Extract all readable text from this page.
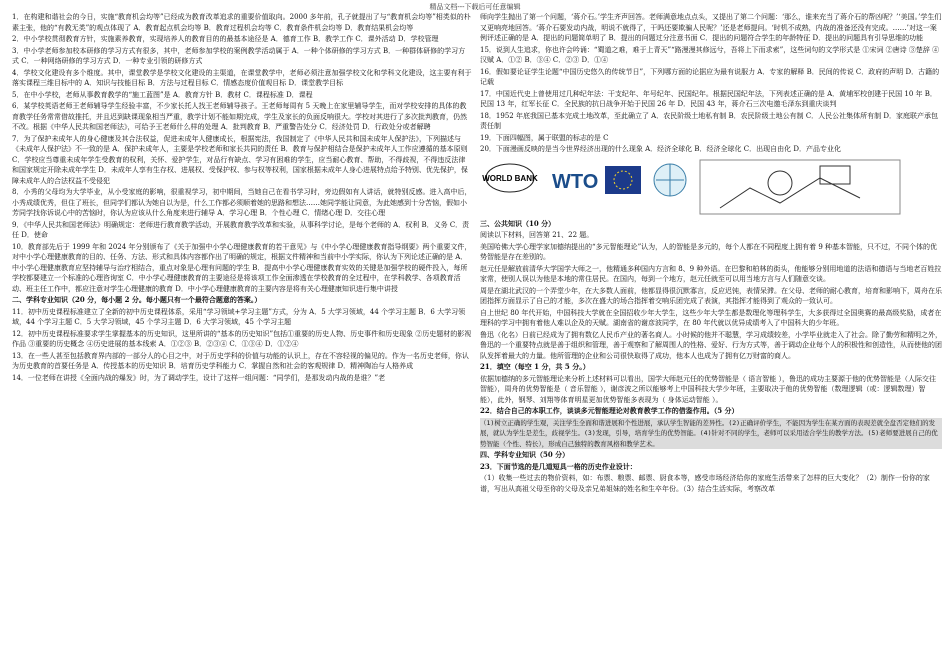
精品文档---下载后可任意编辑

1．在构建和谐社会的今日，实施“教育机会均等”已经成为教育改革追求的重要价值取向。2000 多年前，孔子就提出了与“教育机会均等”相类似的朴素主张，他的“有教无类”的观点体现了 A．教育起点机会均等 B．教育过程机会均等 C．教育条件机会均等 D．教育结果机会均等

2．中小学校贯彻教育方针，实施素养教育，实现培养人的教育目的的最基本途径是 A．德育工作 B．教学工作 C．课外活动 D．学校管理

3．中小学老师参加校本研修的学习方式有很多，其中，老师参加学校的案例教学活动属于 A．一种个体研修的学习方式 B．一种群体研修的学习方式 C．一种网络研修的学习方式 D．一种专业引领的研修方式

4．学校文化建设有多个维度。其中，课堂教学是学校文化建设的主渠道，在课堂教学中，老师必须注意加强学校文化和学科文化建设，这主要有利于落实课程三维目标中的 A．知识与技能目标 B．方法与过程目标 C．情感态度价值观目标 D．课堂教学目标

5．在中小学校，老师从事教育教学的“施工蓝图”是 A．教育方针 B．教材 C．课程标准 D．课程

6．某学校英语老师王老师辅导学生经验丰富，不少家长托人找王老师辅导孩子。王老师每周有 5 天晚上在家里辅导学生，而对学校安排的具体的教育教学任务常常借故推托，并且迟到缺课现象相当严重，教学计划不能如期完成，学生及家长的负面反响很大。学校对其进行了多次批判教育，仍然不改。根据《中华人民共和国老师法》，可给予王老师什么样的处理 A．批判教育 B．严重警告处分 C．经济处罚 D．行政处分或者解聘

7．为了保护未成年人的身心健康及其合法权益，促进未成年人健康成长，根据宪法，我国制定了《中华人民共和国未成年人保护法》，下列描述与《未成年人保护法》不一致的是 A．保护未成年人，主要是学校老师和家长共同的责任 B．教育与保护相结合是保护未成年人工作应遵循的基本原则 C．学校应当尊重未成年学生受教育的权利，关怀、爱护学生，对品行有缺点、学习有困难的学生，应当耐心教育、帮助，不得歧视，不得违反法律和国家规定开除未成年学生 D．未成年人享有生存权、进展权、受保护权、参与权等权利，国家根据未成年人身心进展特点给予特别、优先保护，保障未成年人的合法权益不受侵犯

8．小秀的父母均为大学毕业，从小受家庭的影响，很重视学习，初中期间，当她自己在看书学习时，旁边假如有人讲话，就特别反感。进入高中后，小秀成绩优秀，但住了班长，但同学们都认为她自以为是，什么工作都必须顺着她的思路和想法……她同学能让同意，为此她感到十分苦恼，假如小芳同学找你诉说心中的苦恼时，你认为应该从什么角度来进行辅导 A．学习心理 B．个性心理 C．情绪心理 D．交往心理

9．《中华人民共和国老师法》明确规定：老师进行教育教学活动，开展教育教学改革和实验，从事科学讨论，是每个老师的 A．权利 B．义务 C．责任 D．使命

10．教育部先后于 1999 年和 2024 年分别颁布了《关于加强中小学心理健康教育的若干意见》与《中小学心理健康教育指导纲要》两个重要文件，对中小学心理健康教育的目的、任务、方法、形式和具体内容都作出了明确的规定，根据文件精神和当前中小学实际，你认为下列论述正确的是 A．中小学心理健康教育应坚持辅导与治疗相结合，重点对象是心理有问题的学生 B．提高中小学心理健康教育实效的关键是加强学校的硬件投入，每所学校都要建立一个标准的心理咨询室 C．中小学心理健康教育的主要途径是将该项工作全面渗透在学校教育的全过程中，在学科教学、各项教育活动、班主任工作中，都应注意对学生心理健康的教育 D．中小学心理健康教育的主要内容是将有关心理健康知识进行集中讲授

二、学科专业知识（20 分，每小题 2 分。每小题只有一个最符合题意的答案。）

11．初中历史课程标准建立了全新的初中历史课程体系，采用“学习领域+学习主题”方式，分为 A．5 大学习领域，44 个学习主题 B．6 大学习领域，44 个学习主题 C．5 大学习领域，45 个学习主题 D．6 大学习领域，45 个学习主题

12．初中历史课程标准要求学生掌握基本的历史知识，这里所讲的“基本的历史知识”包括①重要的历史人物、历史事件和历史现象 ②历史题材的影视作品 ③重要的历史概念 ④历史进展的基本线索 A．①②③ B．②③④ C．①③④ D．①②④

13．在一些人甚至包括教育界内部的一部分人的心目之中，对于历史学科的价值与功能的认识上，存在不容轻视的偏见的。作为一名历史老师，你认为历史教育的首要任务是 A．传授基本的历史知识 B．培育历史学科能力 C．掌握自然和社会的客观规律 D．精神陶冶与人格养成

14．一位老师在讲授《全面内战的爆发》时，为了调动学生，设计了这样一组问题：“同学们，是那发动内战的是谁？”老

师向学生抛出了第一个问题，‘蒋介石。’学生齐声回答。老师满意地点点头，又提出了第二个问题：‘那么，谁来充当了蒋介石的帮凶呢？’‘美国。’学生们又更响亮地回答。‘蒋介石要发动内战，明说不就得了，干吗还要欺骗人民呢？’还是老师提问。‘时机不成熟，内战的准备还没有完成。……’对这一案例评述正确的是 A．提出的问题简单明了 B．提出的问题过分注意书面 C．提出的问题符合学生的年龄特征 D．提出的问题具有引导思维的功能

15．说到人生追求，你也许会吟诵：“蜀道之难，难于上青天”“路漫漫其修远兮，吾将上下而求索”，这些词句的文学形式是 ①宋词 ②唐诗 ③楚辞 ④汉赋 A．①② B．③④ C．②③ D．①④

16．假如要论证学生论题“中国历史悠久的传统节日”，下列哪方面的论据应为最有说服力 A．专家的解释 B．民间的传说 C．政府的声明 D．古籍的记载

17．中国近代史上曾使用过几种纪年法：干支纪年、年号纪年、民国纪年。根据民国纪年法，下列表述正确的是 A．黄埔军校创建于民国 10 年 B．民国 13 年，红军长征 C．全民族的抗日战争开始于民国 26 年 D．民国 43 年，蒋介石三次电邀毛泽东到重庆谈判

18．1952 年底我国已基本完成土地改革，至此确立了 A．农民阶级土地私有制 B．农民阶级土地公有制 C．人民公社集体所有制 D．家庭联产承包责任制

19．下面四幅图，属于联盟的标志的是 C

20．下面漫画反映的是当今世界经济出现的什么现象 A．经济全球化 B．经济全球化 C．出现自由化 D．产品专业化

WORLD BANK WTO

三、公共知识（10 分）

阅读以下材料，回答第 21、22 题。

美国哈佛大学心理学家加德纳提出的“多元智能理论”认为，人的智能是多元的，每个人都在不同程度上拥有着 9 种基本智能，只不过，不同个体的优势智能是存在差别的。

赵元任是解放前清华大学国学大师之一，他精通多种国内方言和 8、9 种外语。在巴黎和柏林的街头，他能够分别用地道的法语和德语与当地老百姓拉家常，使别人误以为他是本地的常住居民。在国内，每到一个地方，赵元任就至可以用当地方言与人们随意交谈。

周是在湖北武汉的一个弄堂少年，在大多数人面前，他都显得很沉默寡言，反应迟钝，表情呆滞。在父母、老师的耐心教育，培育和影响下，周舟在乐团指挥方面显示了自己的才能，多次在盛大的场合指挥着交响乐团完成了表演，其指挥才能得到了观众的一致认可。

自上世纪 80 年代开始，中国科技大学就在全国招收少年大学生，这些少年大学生都是数理化等理科学生，大多获得过全国奥赛的最高级奖励，成者在理科的学习中拥有着他人难以企及的天赋。湖南省的谢彦波同学，在 80 年代就以优异成绩考入了中国科大的少年班。

鲁迅（化名）日前已经成为了拥有数亿人民币产业的著名商人。小时候的他并不聪慧，学习成绩较差，小学毕业就走入了社会。除了勤劳和精明之外，鲁迅的一个重要特点就是善于组织和管理，善于观察和了解周围人的性格、爱好、行为方式等，善于调动企业每个人的积极性和创造性，从而使他的团队发挥着最大的力量。他所管理的企业和公司很快取得了成功，他本人也成为了拥有亿万财富的商人。

21．填空（每空 1 分，共 5 分。）

依据加德纳的多元智能理论来分析上述材料可以看出，国学大师赵元任的优势智能是（ 语言智能 ），鲁迅的成功主要源于他的优势智能是（人际交往智能），周舟的优势智能是（ 音乐智能 ），谢彦波之所以能够考上中国科技大学少年班，主要取决于他的优势智能（数理逻辑（或：逻辑数理）智能），此外，钢琴、刘翔等体育明星更加优势智能多表现为（ 身体运动智能 ）。

22．结合自己的本职工作，谈谈多元智能理论对教育教学工作的借鉴作用。（5 分）

（1)树立正确的学生观，关注学生全面和谐进展和个性进展，承认学生智能的差异性。(2)正确评价学生，不能因为学生在某方面的表现差就全盘否定他们的发展，就认为学生是差生，歧视学生。(3)发现，引导，培育学生的优势智能。(4)针对不同的学生，老师可以采用适合学生的教学方法。(5)老师要进展自己的优势智能（个性、特长），形成自己独特的教育风格和教学艺术。

四、学科专业知识（50 分）

23．下面节选的是几道短具一格的历史作业设计：

（1）收集一些过去的物价资料，如：布票、粮票、邮票、厨食本等，感受市场经济给你的家庭生活带来了怎样的巨大变化？（2）制作一份你的家谱，写出从高祖父母至你的父母及亲兄弟姐妹的姓名和生卒年份。（3）结合生活实际，考察改革
